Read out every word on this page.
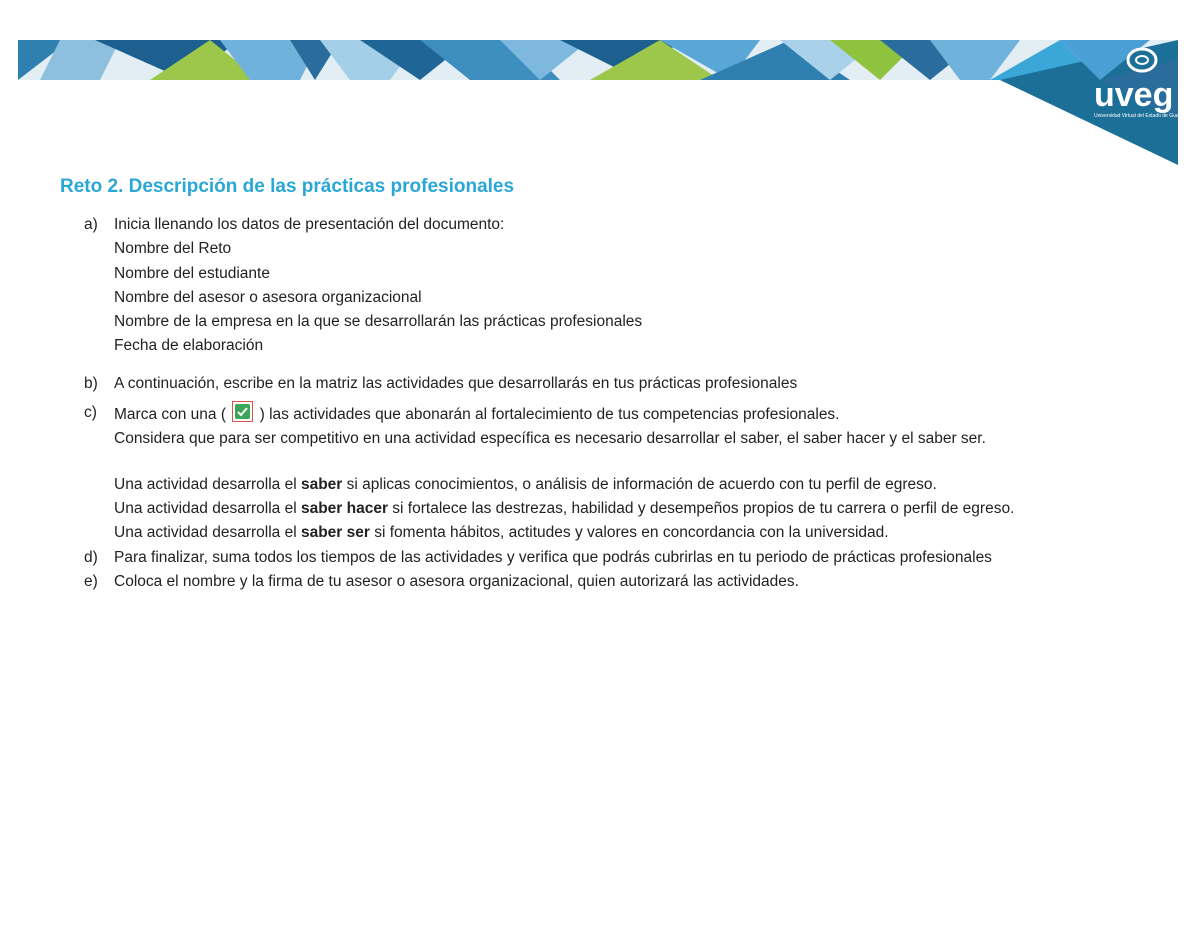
uveg
Universidad Virtual del Estado de Guanajuato
Reto 2. Descripción de las prácticas profesionales
a) Inicia llenando los datos de presentación del documento:
Nombre del Reto
Nombre del estudiante
Nombre del asesor o asesora organizacional
Nombre de la empresa en la que se desarrollarán las prácticas profesionales
Fecha de elaboración
b) A continuación, escribe en la matriz las actividades que desarrollarás en tus prácticas profesionales
c) Marca con una ( ) las actividades que abonarán al fortalecimiento de tus competencias profesionales.
Considera que para ser competitivo en una actividad específica es necesario desarrollar el saber, el saber hacer y el saber ser.
Una actividad desarrolla el saber si aplicas conocimientos, o análisis de información de acuerdo con tu perfil de egreso.
Una actividad desarrolla el saber hacer si fortalece las destrezas, habilidad y desempeños propios de tu carrera o perfil de egreso.
Una actividad desarrolla el saber ser si fomenta hábitos, actitudes y valores en concordancia con la universidad.
d) Para finalizar, suma todos los tiempos de las actividades y verifica que podrás cubrirlas en tu periodo de prácticas profesionales
e) Coloca el nombre y la firma de tu asesor o asesora organizacional, quien autorizará las actividades.
